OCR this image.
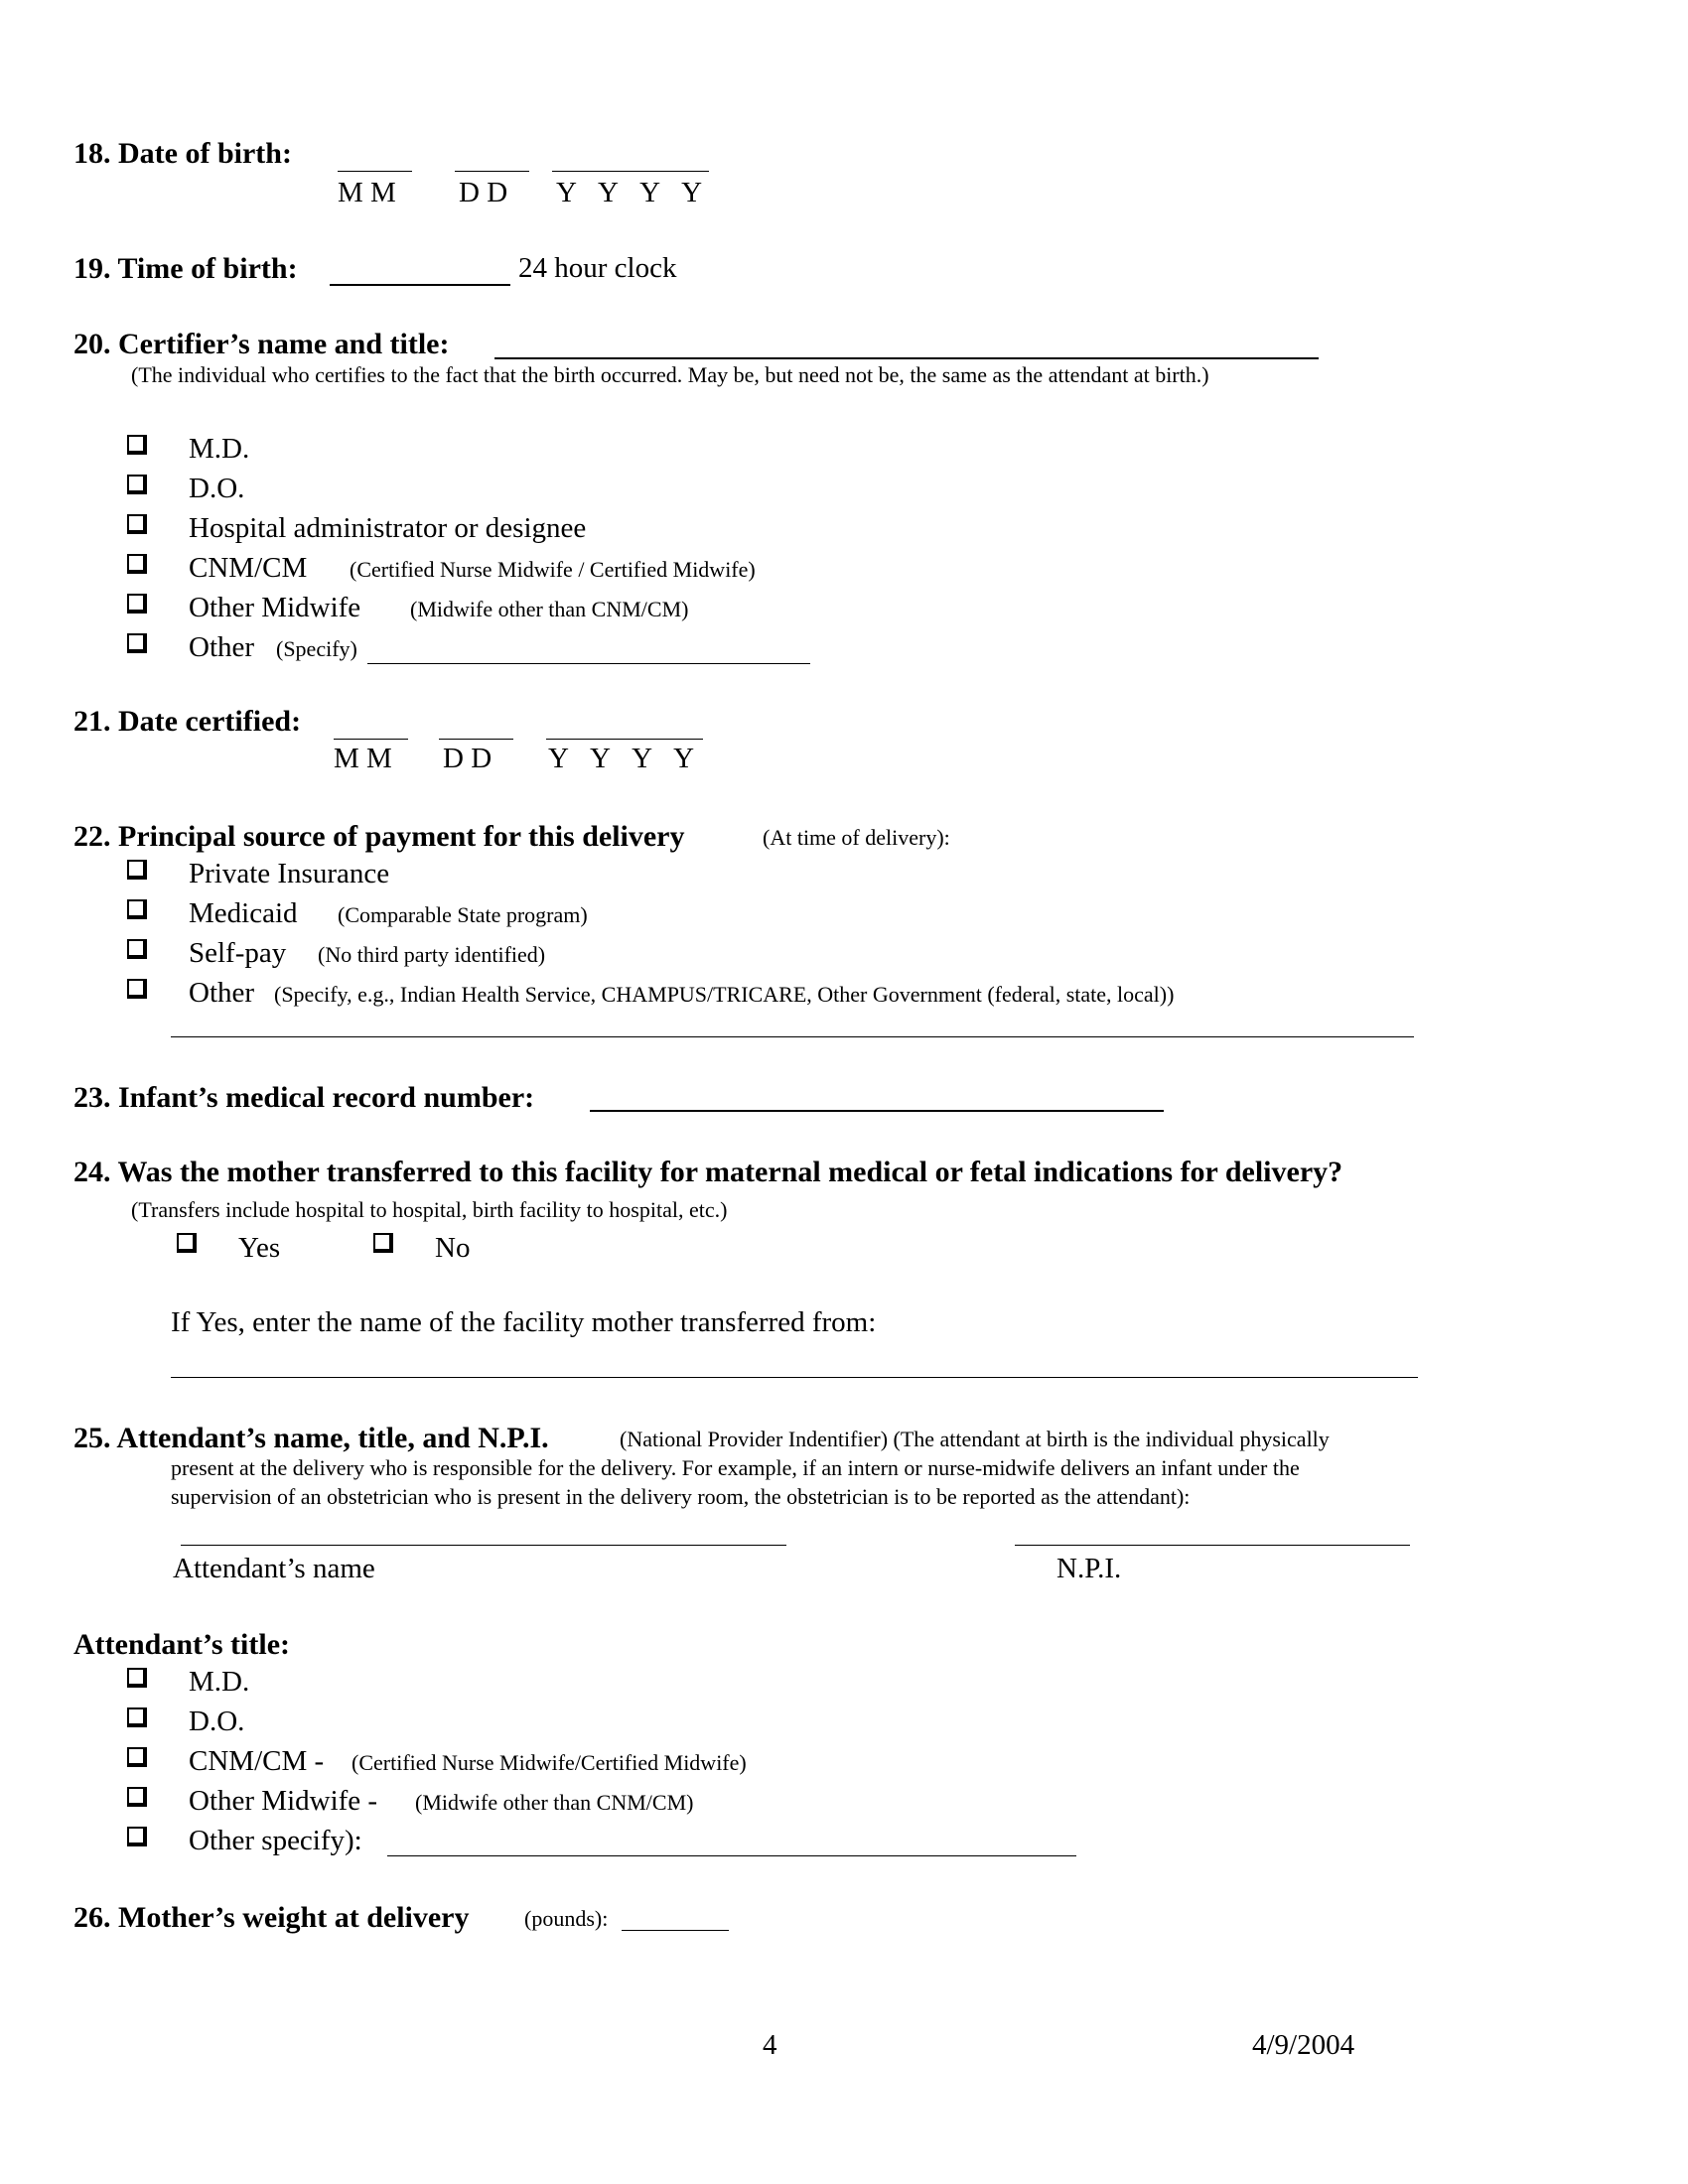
18. Date of birth:
M M D D Y Y Y Y
19. Time of birth:	24 hour clock
20. Certifier’s name and title:
(The individual who certifies to the fact that the birth occurred. May be, but need not be, the same as the attendant at birth.)
M.D.
D.O.
Hospital administrator or designee
CNM/CM (Certified Nurse Midwife / Certified Midwife)
Other Midwife (Midwife other than CNM/CM)
Other (Specify)
21. Date certified:
M M D D Y Y Y Y
22. Principal source of payment for this delivery	(At time of delivery):
Private Insurance
Medicaid (Comparable State program)
Self-pay (No third party identified)
Other (Specify, e.g., Indian Health Service, CHAMPUS/TRICARE, Other Government (federal, state, local))
23. Infant’s medical record number:
24. Was the mother transferred to this facility for maternal medical or fetal indications for delivery?
(Transfers include hospital to hospital, birth facility to hospital, etc.)
Yes	No
If Yes, enter the name of the facility mother transferred from:
25. Attendant’s name, title, and N.P.I.	(National Provider Indentifier) (The attendant at birth is the individual physically
present at the delivery who is responsible for the delivery. For example, if an intern or nurse-midwife delivers an infant under the
supervision of an obstetrician who is present in the delivery room, the obstetrician is to be reported as the attendant):
Attendant’s name	N.P.I.
Attendant’s title:
M.D.
D.O.
CNM/CM - (Certified Nurse Midwife/Certified Midwife)
Other Midwife - (Midwife other than CNM/CM)
Other specify):
26. Mother’s weight at delivery	(pounds):
4	4/9/2004
